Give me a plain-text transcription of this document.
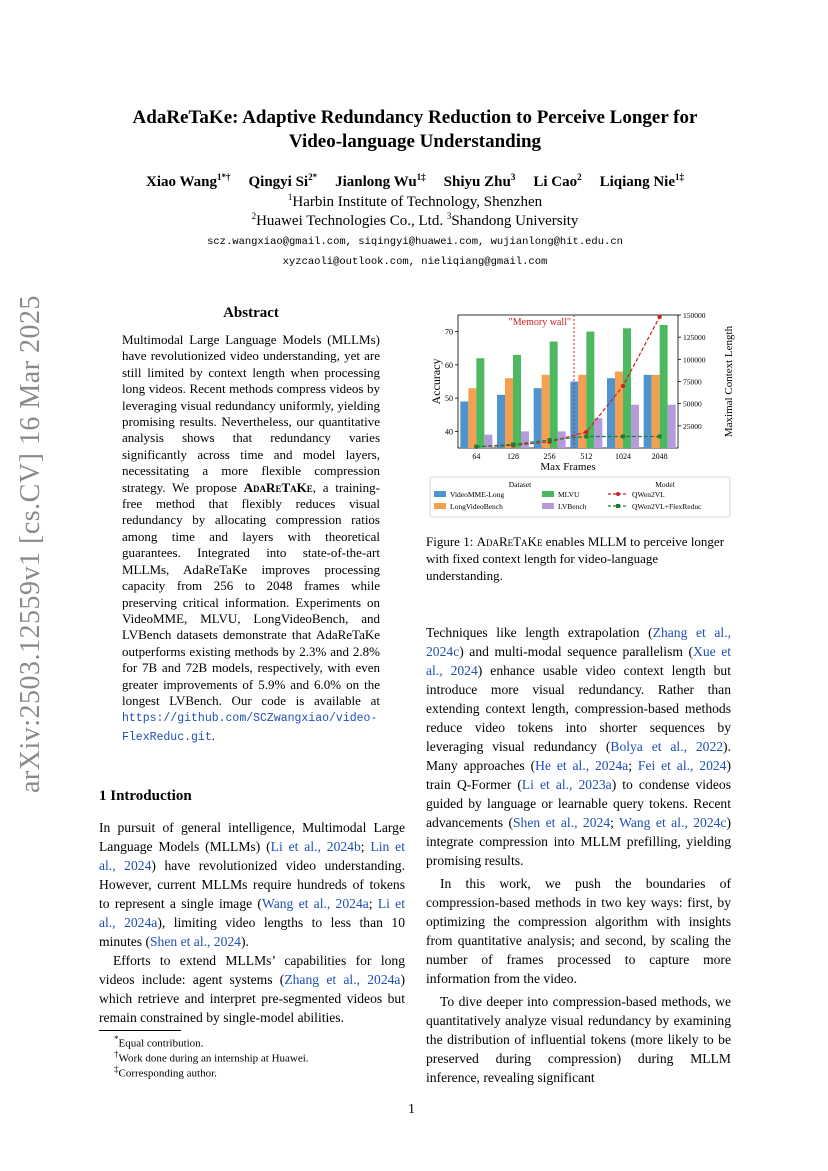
arXiv:2503.12559v1 [cs.CV] 16 Mar 2025
AdaReTaKe: Adaptive Redundancy Reduction to Perceive Longer for
Video-language Understanding
Xiao Wang$^{1*\dagger}$ Qingyi $Si^{2*}$ Jianlong $Wu^{1\ddagger}$ Shiyu Zhu$^3$ Li Cao$^2$ Liqiang Nie$^{1\ddagger}$
$^1$Harbin Institute of Technology, Shenzhen
$^2$Huawei Technologies Co., Ltd. $^3$Shandong University
scz.wangxiao@gmail.com, siqingyi@huawei.com, wujianlong@hit.edu.cn
xyzcaoli@outlook.com, nieliqiang@gmail.com
Abstract
Multimodal Large Language Models (MLLMs) have revolutionized video understanding, yet are still limited by context length when processing long videos. Recent methods compress videos by leveraging visual redundancy uniformly, yielding promising results. Nevertheless, our quantitative analysis shows that redundancy varies significantly across time and model layers, necessitating a more flexible compression strategy. We propose AdaReTaKe, a training-free method that flexibly reduces visual redundancy by allocating compression ratios among time and layers with theoretical guarantees. Integrated into state-of-the-art MLLMs, AdaReTaKe improves processing capacity from 256 to 2048 frames while preserving critical information. Experiments on VideoMME, MLVU, LongVideoBench, and LVBench datasets demonstrate that AdaReTaKe outperforms existing methods by 2.3% and 2.8% for 7B and 72B models, respectively, with even greater improvements of 5.9% and 6.0% on the longest LVBench. Our code is available at https://github.com/SCZwangxiao/video-FlexReduc.git.
1 Introduction

In pursuit of general intelligence, Multimodal Large Language Models (MLLMs) (Li et al., 2024b; Lin et al., 2024) have revolutionized video understanding. However, current MLLMs require hundreds of tokens to represent a single image (Wang et al., 2024a; Li et al., 2024a), limiting video lengths to less than 10 minutes (Shen et al., 2024).

Efforts to extend MLLMs’ capabilities for long videos include: agent systems (Zhang et al., 2024a) which retrieve and interpret pre-segmented videos but remain constrained by single-model abilities.

*Equal contribution.
†Work done during an internship at Huawei.
‡Corresponding author.

Techniques like length extrapolation (Zhang et al., 2024c) and multi-modal sequence parallelism (Xue et al., 2024) enhance usable video context length but introduce more visual redundancy. Rather than extending context length, compression-based methods reduce video tokens into shorter sequences by leveraging visual redundancy (Bolya et al., 2022). Many approaches (He et al., 2024a; Fei et al., 2024) train Q-Former (Li et al., 2023a) to condense videos guided by language or learnable query tokens. Recent advancements (Shen et al., 2024; Wang et al., 2024c) integrate compression into MLLM prefilling, yielding promising results.

In this work, we push the boundaries of compression-based methods in two key ways: first, by optimizing the compression algorithm with insights from quantitative analysis; and second, by scaling the number of frames processed to capture more information from the video.

To dive deeper into compression-based methods, we quantitatively analyze visual redundancy by examining the distribution of influential tokens (more likely to be preserved during compression) during MLLM inference, revealing significant

"Memory wall"
40
50
60
70
25000
50000
75000
100000
125000
150000
64	128	256	512	1024	2048
Max Frames
Accuracy	Maximal Context Length
Dataset	Model
VideoMME-Long
LongVideoBench
MLVU
LVBench
QWen2VL
QWen2VL+FlexReduc
Figure 1: AdaReTaKe enables MLLM to perceive longer with fixed context length for video-language understanding.
1
